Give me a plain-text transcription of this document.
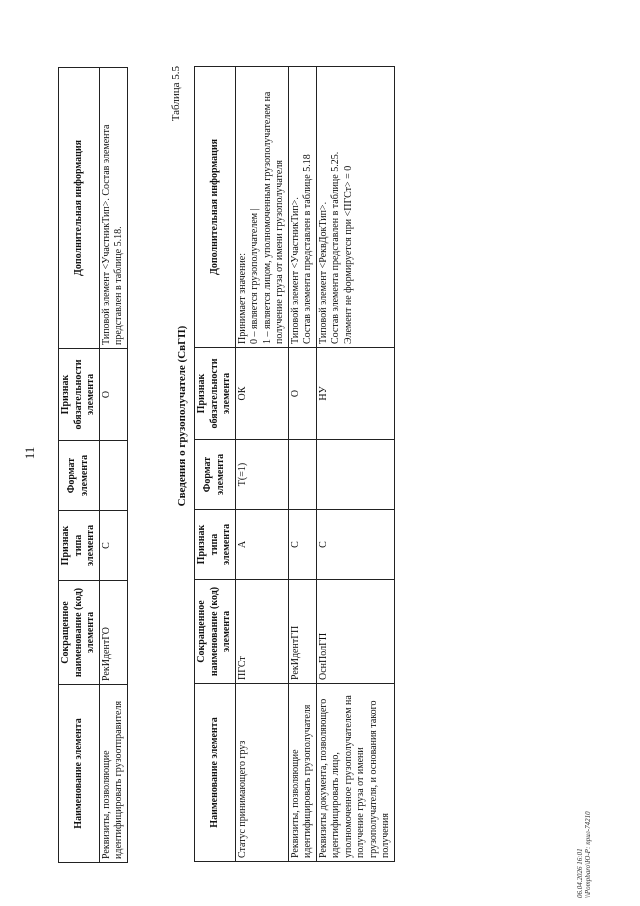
11
Наименование элемента	Сокращенное наименование (код) элемента	Признак типа элемента	Формат элемента	Признак обязательности элемента	Дополнительная информация
Реквизиты, позволяющие идентифицировать грузоотправителя	РекИдентГО	С		О	Типовой элемент <УчастникТип>. Состав элемента представлен в таблице 5.18.
Таблица 5.5
Сведения о грузополучателе (СвГП)
Наименование элемента	Сокращенное наименование (код) элемента	Признак типа элемента	Формат элемента	Признак обязательности элемента	Дополнительная информация
Статус принимающего груз	ПГСт	А	T(=1)	ОК	Принимает значение: 0 – является грузополучателем | 1 – является лицом, уполномоченным грузополучателем на получение груза от имени грузополучателя

Реквизиты, позволяющие идентифицировать грузополучателя	РекИдентГП	С		О	Типовой элемент <УчастникТип>. Состав элемента представлен в таблице 5.18

Реквизиты документа, позволяющего идентифицировать лицо, уполномоченное грузополучателем на получение груза от имени грузополучателя, и основания такого получения	ОснПолГП	С		НУ	Типовой элемент <РеквДокТип>. Состав элемента представлен в таблице 5.25. Элемент не формируется при <ПГСт> = 0
06.04.2026 16:01 \\Pompbaro\Ю-Р: прил-74210
